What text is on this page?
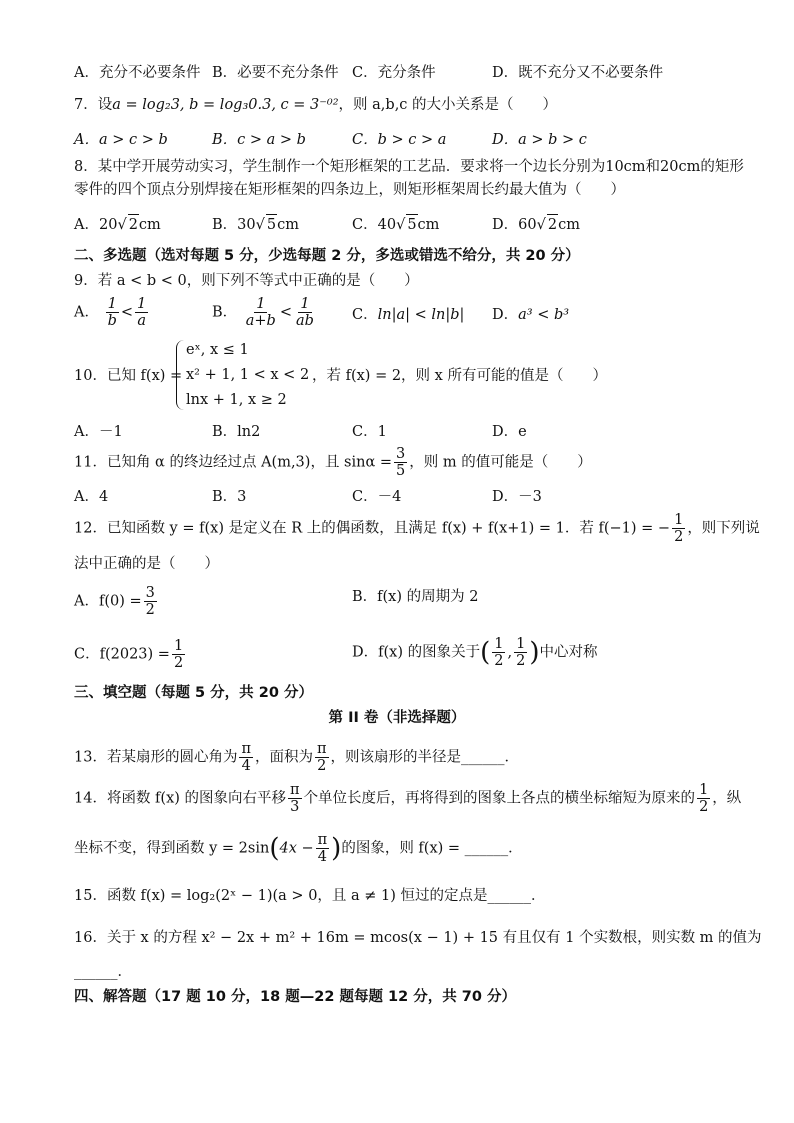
A．充分不必要条件 B．必要不充分条件 C．充分条件	D．既不充分又不必要条件
7．设a = log₂3, b = log₃0.3, c = 3⁻⁰²，则 a,b,c 的大小关系是（　　）
A．a > c > b	B．c > a > b	C．b > c > a	D．a > b > c
8．某中学开展劳动实习，学生制作一个矩形框架的工艺品．要求将一个边长分别为10cm和20cm的矩形
零件的四个顶点分别焊接在矩形框架的四条边上，则矩形框架周长约最大值为（　　）
A．20√ 2cm	B．30√ 5cm	C．40√ 5cm	D．60√ 2cm
二、多选题（选对每题 5 分，少选每题 2 分，多选或错选不给分，共 20 分）
9．若 a < b < 0，则下列不等式中正确的是（　　）
A． $\frac{1}{b} < \frac{1}{a}$	B． $\frac{1}{a+b} < \frac{1}{ab}$ C．ln|a| < ln|b| D．a³ < b³
10．已知 f(x) =
eˣ, x ≤ 1
x² + 1, 1 < x < 2
lnx + 1, x ≥ 2
，若 f(x) = 2，则 x 所有可能的值是（　　）
A．－1	B．ln2	C．1	D．e
11．已知角 α 的终边经过点 A(m,3)，且 $\sin\alpha = \frac{3}{5}$ ，则 m 的值可能是（　　）
A．4	B．3	C．－4	D．－3
12．已知函数 y = f(x) 是定义在 R 上的偶函数，且满足 f(x) + f(x+1) = 1．若 f(−1) = − $\frac{1}{2}$ ，则下列说
法中正确的是（　　）
A．$f(0) = \frac{3}{2}$	B．f(x) 的周期为 2
C．$f(2023) = \frac{1}{2}$	D．f(x) 的图象关于( $\frac{1}{2}$ , $\frac{1}{2}$ )中心对称
三、填空题（每题 5 分，共 20 分）
第 II 卷（非选择题）
13．若某扇形的圆心角为 $\frac{\pi}{4}$ ，面积为 $\frac{\pi}{2}$ ，则该扇形的半径是______．
14．将函数 f(x) 的图象向右平移 $\frac{\pi}{3}$ 个单位长度后，再将得到的图象上各点的横坐标缩短为原来的 $\frac{1}{2}$ ，纵
坐标不变，得到函数 $y = 2\sin(4x - \frac{\pi}{4}$ )的图象，则 f(x) = ______．
15．函数 f(x) = log₂(2ˣ − 1)(a > 0，且 a ≠ 1) 恒过的定点是______．
16．关于 x 的方程 x² − 2x + m² + 16m = mcos(x − 1) + 15 有且仅有 1 个实数根，则实数 m 的值为
______．
四、解答题（17 题 10 分，18 题—22 题每题 12 分，共 70 分）
